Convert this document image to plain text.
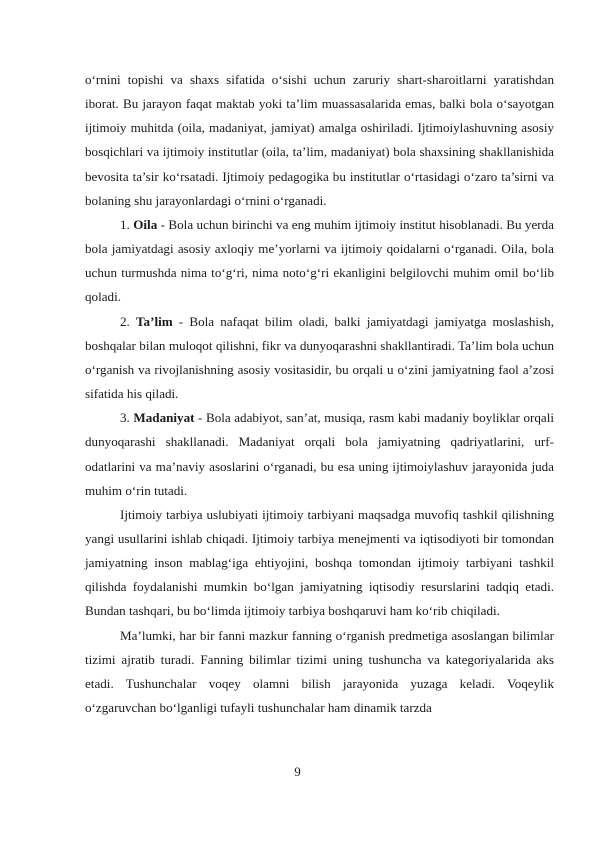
o‘rnini topishi va shaxs sifatida o‘sishi uchun zaruriy shart-sharoitlarni yaratishdan iborat. Bu jarayon faqat maktab yoki ta’lim muassasalarida emas, balki bola o‘sayotgan ijtimoiy muhitda (oila, madaniyat, jamiyat) amalga oshiriladi. Ijtimoiylashuvning asosiy bosqichlari va ijtimoiy institutlar (oila, ta’lim, madaniyat) bola shaxsining shakllanishida bevosita ta’sir ko‘rsatadi. Ijtimoiy pedagogika bu institutlar o‘rtasidagi o‘zaro ta’sirni va bolaning shu jarayonlardagi o‘rnini o‘rganadi.

1. Oila - Bola uchun birinchi va eng muhim ijtimoiy institut hisoblanadi. Bu yerda bola jamiyatdagi asosiy axloqiy me’yorlarni va ijtimoiy qoidalarni o‘rganadi. Oila, bola uchun turmushda nima to‘g‘ri, nima noto‘g‘ri ekanligini belgilovchi muhim omil bo‘lib qoladi.

2. Ta’lim - Bola nafaqat bilim oladi, balki jamiyatdagi jamiyatga moslashish, boshqalar bilan muloqot qilishni, fikr va dunyoqarashni shakllantiradi. Ta’lim bola uchun o‘rganish va rivojlanishning asosiy vositasidir, bu orqali u o‘zini jamiyatning faol a’zosi sifatida his qiladi.

3. Madaniyat - Bola adabiyot, san’at, musiqa, rasm kabi madaniy boyliklar orqali dunyoqarashi shakllanadi. Madaniyat orqali bola jamiyatning qadriyatlarini, urf-odatlarini va ma’naviy asoslarini o‘rganadi, bu esa uning ijtimoiylashuv jarayonida juda muhim o‘rin tutadi.

Ijtimoiy tarbiya uslubiyati ijtimoiy tarbiyani maqsadga muvofiq tashkil qilishning yangi usullarini ishlab chiqadi. Ijtimoiy tarbiya menejmenti va iqtisodiyoti bir tomondan jamiyatning inson mablag‘iga ehtiyojini, boshqa tomondan ijtimoiy tarbiyani tashkil qilishda foydalanishi mumkin bo‘lgan jamiyatning iqtisodiy resurslarini tadqiq etadi. Bundan tashqari, bu bo‘limda ijtimoiy tarbiya boshqaruvi ham ko‘rib chiqiladi.

Ma’lumki, har bir fanni mazkur fanning o‘rganish predmetiga asoslangan bilimlar tizimi ajratib turadi. Fanning bilimlar tizimi uning tushuncha va kategoriyalarida aks etadi. Tushunchalar voqey olamni bilish jarayonida yuzaga keladi. Voqeylik o‘zgaruvchan bo‘lganligi tufayli tushunchalar ham dinamik tarzda

9
